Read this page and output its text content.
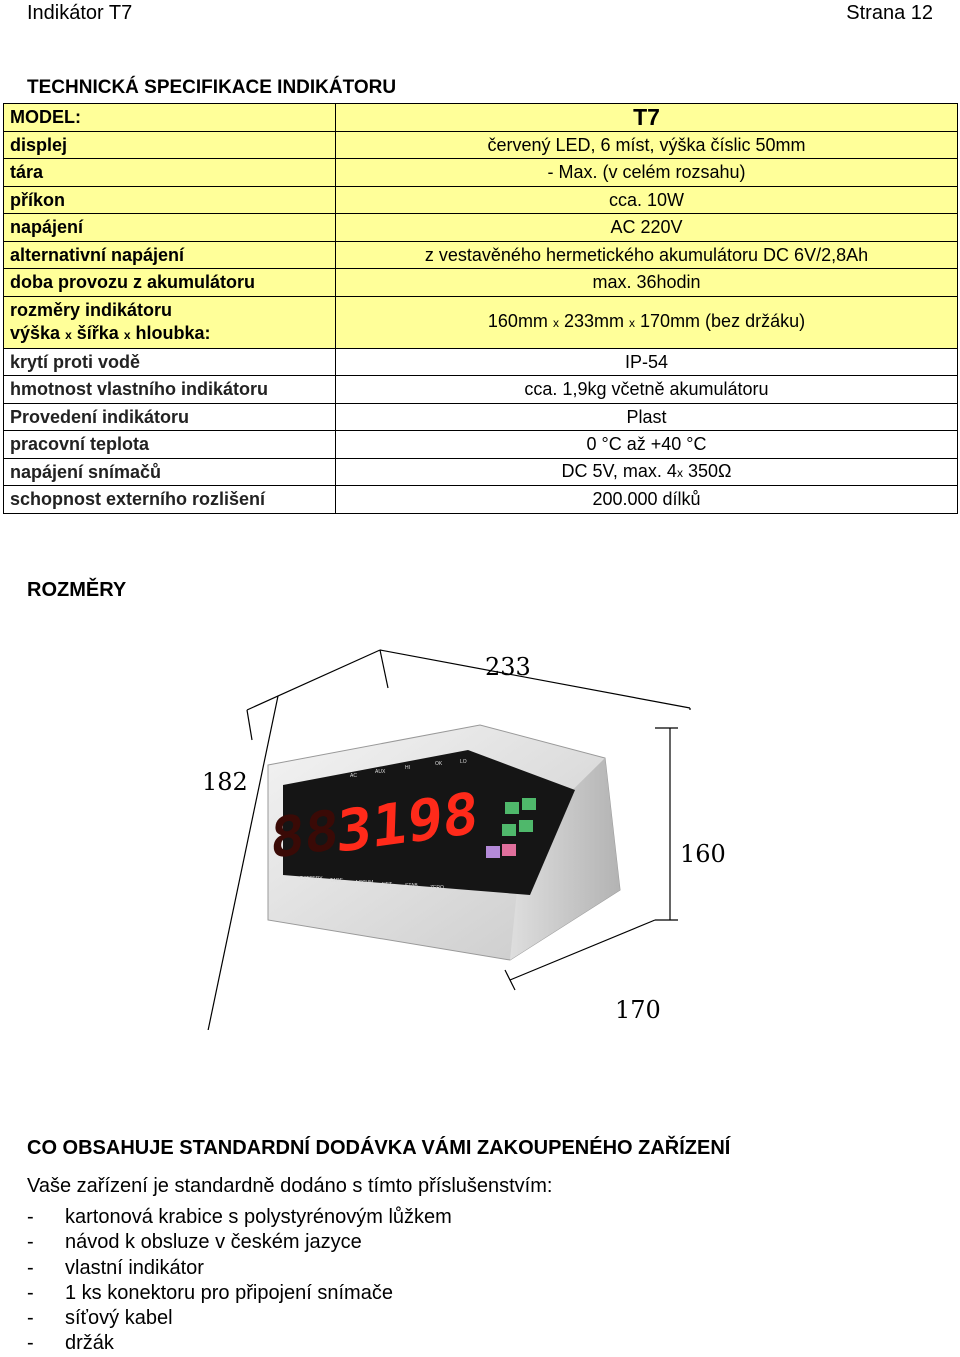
Indikátor T7	Strana 12
TECHNICKÁ SPECIFIKACE INDIKÁTORU
MODEL:	T7
displej	červený LED, 6 míst, výška číslic 50mm
tára	- Max. (v celém rozsahu)
příkon	cca. 10W
napájení	AC 220V
alternativní napájení	z vestavěného hermetického akumulátoru DC 6V/2,8Ah
doba provozu z akumulátoru	max. 36hodin

rozměry indikátoru
výška x šířka x hloubka:	160mm x 233mm x 170mm (bez držáku)
krytí proti vodě	IP-54
hmotnost vlastního indikátoru	cca. 1,9kg včetně akumulátoru
Provedení indikátoru	Plast
pracovní teplota	0 °C až +40 °C
napájení snímačů	DC 5V, max. 4x 350Ω
schopnost externího rozlišení	200.000 dílků
ROZMĚRY
AC
AUX
HI
OK	LO
88
3198
BATTERY TARE ACCUM NET	STAB ZERO
233
182
160
170
CO OBSAHUJE STANDARDNÍ DODÁVKA VÁMI ZAKOUPENÉHO ZAŘÍZENÍ
Vaše zařízení je standardně dodáno s tímto příslušenstvím:
- kartonová krabice s polystyrénovým lůžkem
- návod k obsluze v českém jazyce
- vlastní indikátor
- 1 ks konektoru pro připojení snímače
- síťový kabel
- držák
